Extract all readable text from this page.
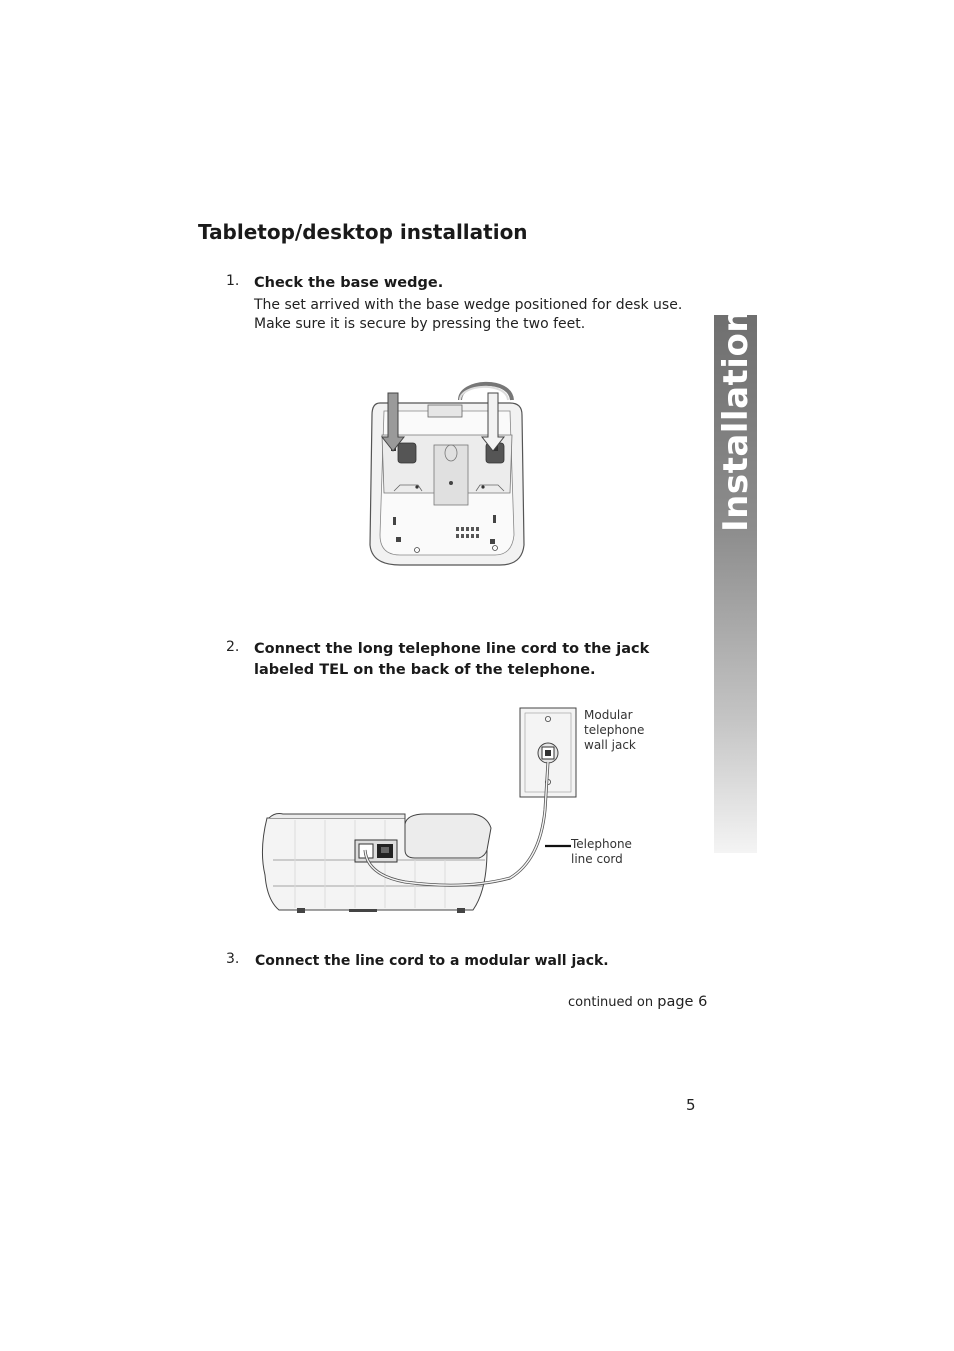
Tabletop/desktop installation
1. Check the base wedge.
The set arrived with the base wedge positioned for desk use.
Make sure it is secure by pressing the two feet.
2. Connect the long telephone line cord to the jack
labeled TEL on the back of the telephone.
Modular
telephone
wall jack
Telephone
line cord
3. Connect the line cord to a modular wall jack.
continued on page 6
5
Installation
